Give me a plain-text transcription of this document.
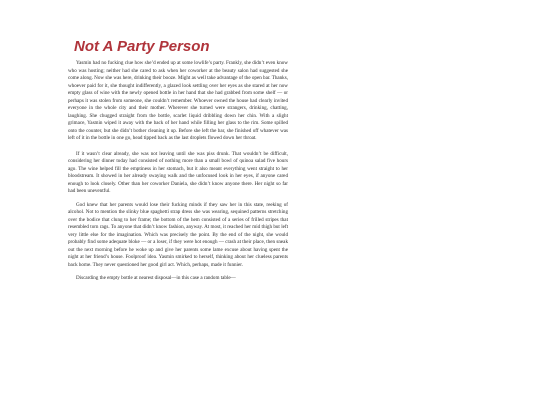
Not A Party Person

Yasmin had no fucking clue how she’d ended up at some lowlife’s party. Frankly, she didn’t even know who was hosting; neither had she cared to ask when her coworker at the beauty salon had suggested she come along. Now she was here, drinking their booze. Might as well take advantage of the open bar. Thanks, whoever paid for it, she thought indifferently, a glazed look settling over her eyes as she stared at her now empty glass of wine with the newly opened bottle in her hand that she had grabbed from some shelf — or perhaps it was stolen from someone, she couldn’t remember. Whoever owned the house had clearly invited everyone in the whole city and their mother. Wherever she turned were strangers, drinking, chatting, laughing. She chugged straight from the bottle, scarlet liquid dribbling down her chin. With a slight grimace, Yasmin wiped it away with the back of her hand while filling her glass to the rim. Some spilled onto the counter, but she didn’t bother cleaning it up. Before she left the bar, she finished off whatever was left of it in the bottle in one go, head tipped back as the last droplets flowed down her throat.

If it wasn’t clear already, she was not leaving until she was piss drunk. That wouldn’t be difficult, considering her dinner today had consisted of nothing more than a small bowl of quinoa salad five hours ago. The wine helped fill the emptiness in her stomach, but it also meant everything went straight to her bloodstream. It showed in her already swaying walk and the unfocused look in her eyes, if anyone cared enough to look closely. Other than her coworker Daniela, she didn’t know anyone there. Her night so far had been uneventful.

God knew that her parents would lose their fucking minds if they saw her in this state, reeking of alcohol. Not to mention the slinky blue spaghetti strap dress she was wearing, sequined patterns stretching over the bodice that clung to her frame; the bottom of the hem consisted of a series of frilled stripes that resembled torn rags. To anyone that didn’t know fashion, anyway. At most, it reached her mid thigh but left very little else for the imagination. Which was precisely the point. By the end of the night, she would probably find some adequate bloke — or a loser, if they were hot enough — crash at their place, then sneak out the next morning before he woke up and give her parents some lame excuse about having spent the night at her friend’s house. Foolproof idea. Yasmin smirked to herself, thinking about her clueless parents back home. They never questioned her good girl act. Which, perhaps, made it funnier.

Discarding the empty bottle at nearest disposal—in this case a random table—
